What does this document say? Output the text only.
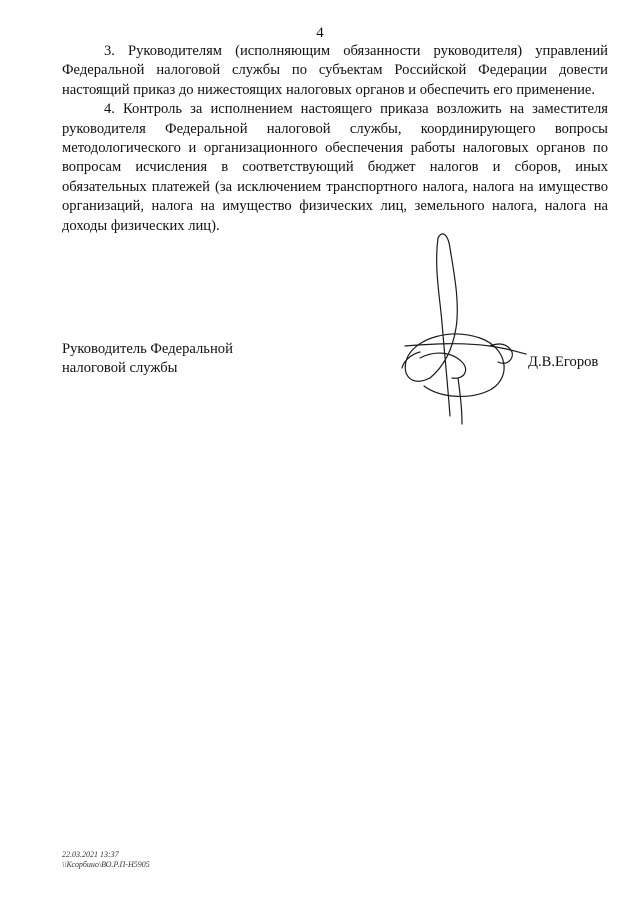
4

3. Руководителям (исполняющим обязанности руководителя) управлений Федеральной налоговой службы по субъектам Российской Федерации довести настоящий приказ до нижестоящих налоговых органов и обеспечить его применение.

4. Контроль за исполнением настоящего приказа возложить на заместителя руководителя Федеральной налоговой службы, координирующего вопросы методологического и организационного обеспечения работы налоговых органов по вопросам исчисления в соответствующий бюджет налогов и сборов, иных обязательных платежей (за исключением транспортного налога, налога на имущество организаций, налога на имущество физических лиц, земельного налога, налога на доходы физических лиц).

Руководитель Федеральной
налоговой службы	Д.В.Егоров
22.03.2021 13:37
\\Ксорбино\ВО.Р.П-Н5905
